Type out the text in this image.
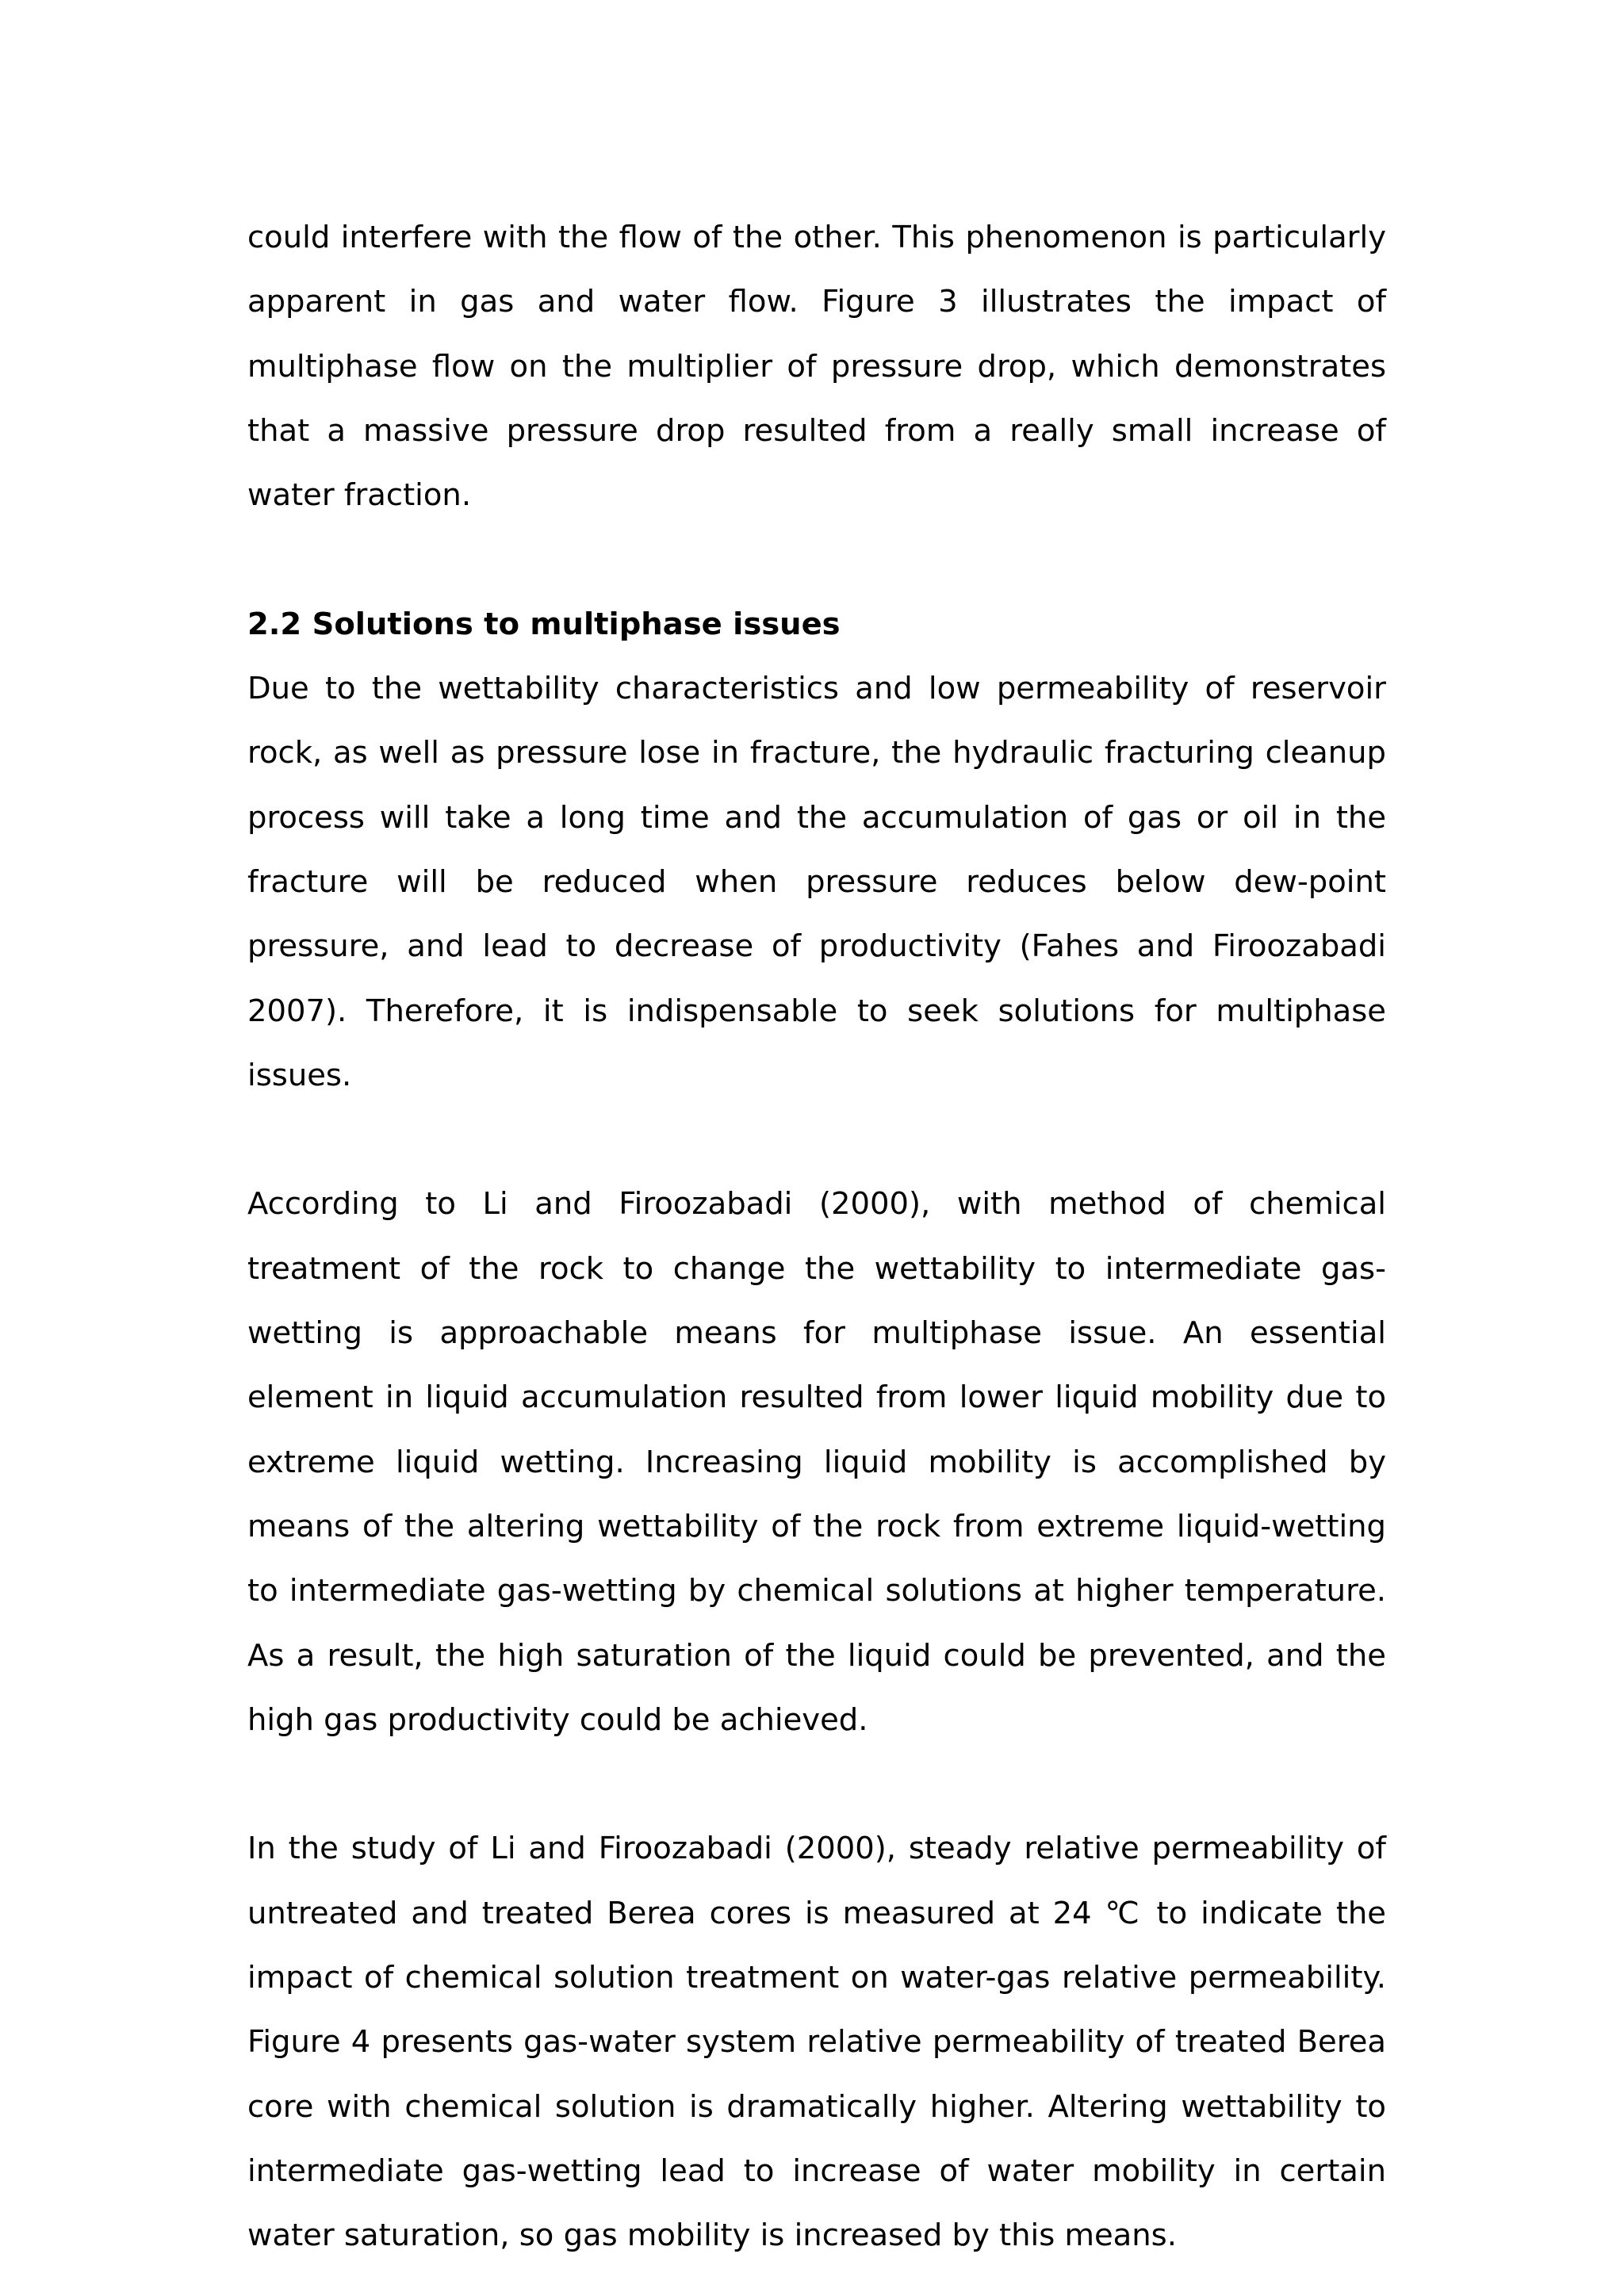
could interfere with the flow of the other. This phenomenon is particularly apparent in gas and water flow. Figure 3 illustrates the impact of multiphase flow on the multiplier of pressure drop, which demonstrates that a massive pressure drop resulted from a really small increase of water fraction.

2.2 Solutions to multiphase issues

Due to the wettability characteristics and low permeability of reservoir rock, as well as pressure lose in fracture, the hydraulic fracturing cleanup process will take a long time and the accumulation of gas or oil in the fracture will be reduced when pressure reduces below dew-point pressure, and lead to decrease of productivity (Fahes and Firoozabadi 2007). Therefore, it is indispensable to seek solutions for multiphase issues.

According to Li and Firoozabadi (2000), with method of chemical treatment of the rock to change the wettability to intermediate gas-wetting is approachable means for multiphase issue. An essential element in liquid accumulation resulted from lower liquid mobility due to extreme liquid wetting. Increasing liquid mobility is accomplished by means of the altering wettability of the rock from extreme liquid-wetting to intermediate gas-wetting by chemical solutions at higher temperature. As a result, the high saturation of the liquid could be prevented, and the high gas productivity could be achieved.

In the study of Li and Firoozabadi (2000), steady relative permeability of untreated and treated Berea cores is measured at 24 ℃ to indicate the impact of chemical solution treatment on water-gas relative permeability. Figure 4 presents gas-water system relative permeability of treated Berea core with chemical solution is dramatically higher. Altering wettability to intermediate gas-wetting lead to increase of water mobility in certain water saturation, so gas mobility is increased by this means.
